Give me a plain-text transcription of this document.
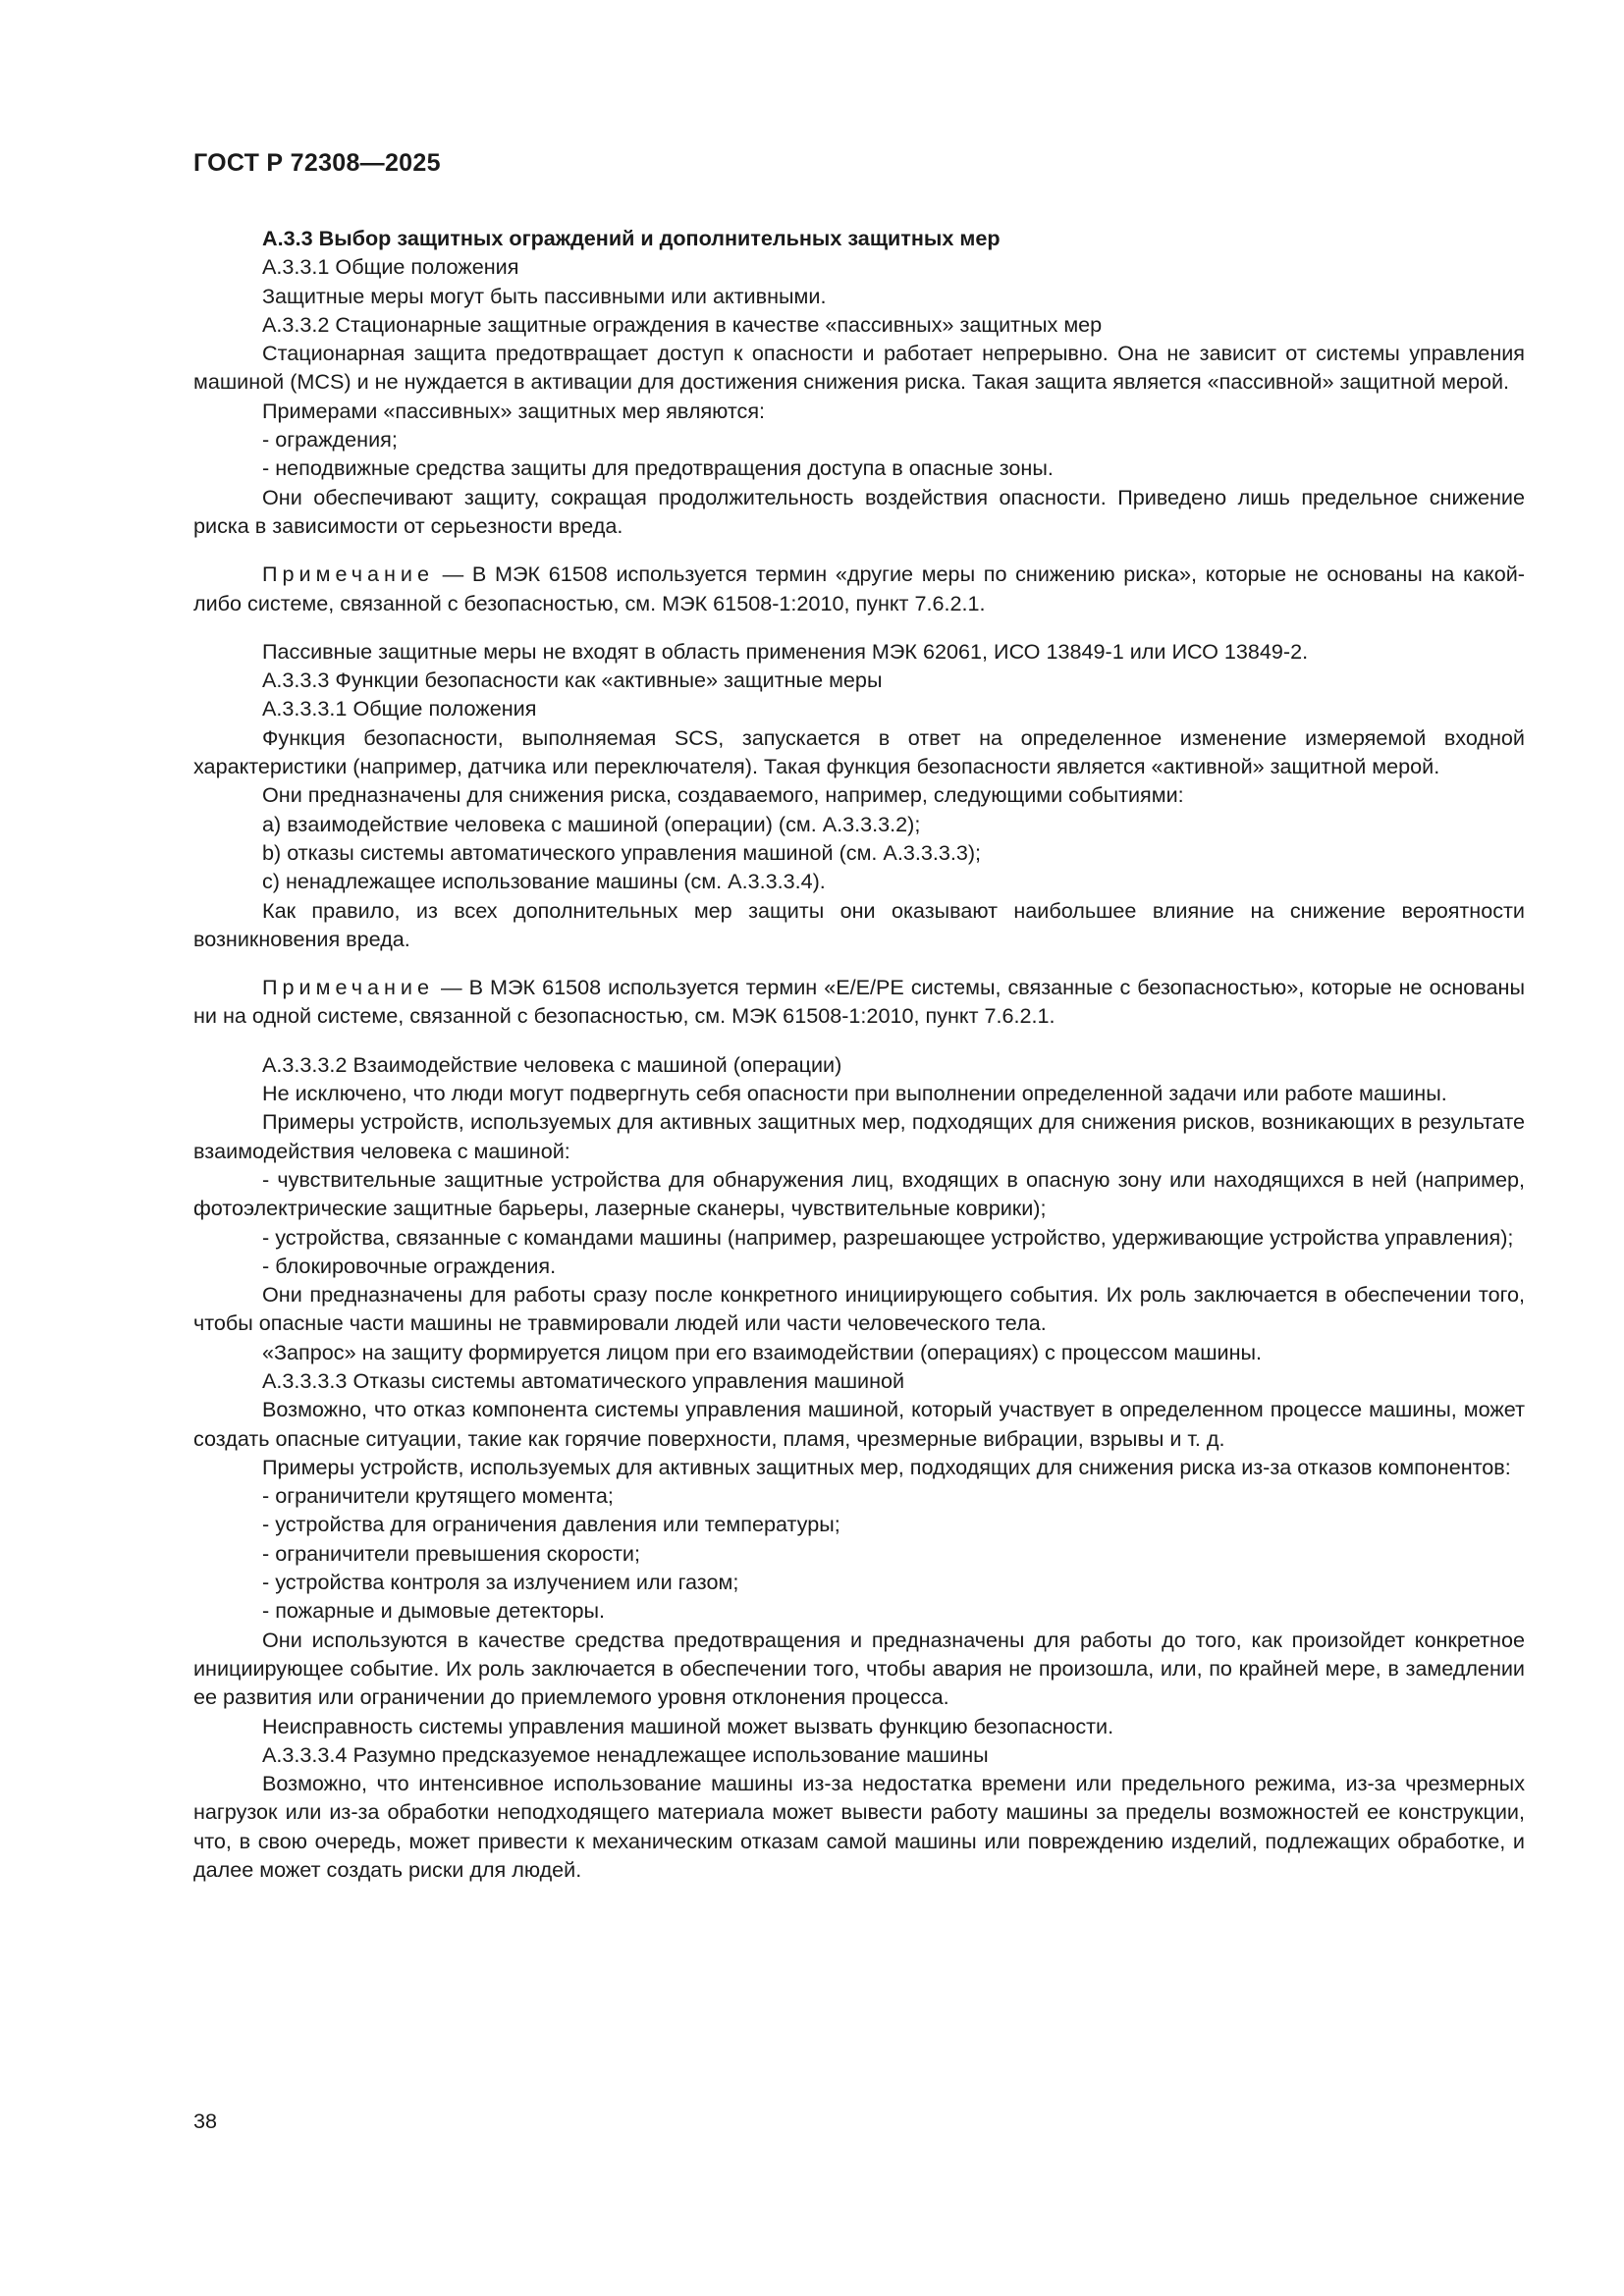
ГОСТ Р 72308—2025

А.3.3 Выбор защитных ограждений и дополнительных защитных мер

А.3.3.1 Общие положения

Защитные меры могут быть пассивными или активными.

А.3.3.2 Стационарные защитные ограждения в качестве «пассивных» защитных мер

Стационарная защита предотвращает доступ к опасности и работает непрерывно. Она не зависит от системы управления машиной (MCS) и не нуждается в активации для достижения снижения риска. Такая защита является «пассивной» защитной мерой.

Примерами «пассивных» защитных мер являются:

- ограждения;

- неподвижные средства защиты для предотвращения доступа в опасные зоны.

Они обеспечивают защиту, сокращая продолжительность воздействия опасности. Приведено лишь предельное снижение риска в зависимости от серьезности вреда.

Примечание — В МЭК 61508 используется термин «другие меры по снижению риска», которые не основаны на какой-либо системе, связанной с безопасностью, см. МЭК 61508-1:2010, пункт 7.6.2.1.

Пассивные защитные меры не входят в область применения МЭК 62061, ИСО 13849-1 или ИСО 13849-2.

А.3.3.3 Функции безопасности как «активные» защитные меры

А.3.3.3.1 Общие положения

Функция безопасности, выполняемая SCS, запускается в ответ на определенное изменение измеряемой входной характеристики (например, датчика или переключателя). Такая функция безопасности является «активной» защитной мерой.

Они предназначены для снижения риска, создаваемого, например, следующими событиями:

a) взаимодействие человека с машиной (операции) (см. А.3.3.3.2);

b) отказы системы автоматического управления машиной (см. А.3.3.3.3);

c) ненадлежащее использование машины (см. А.3.3.3.4).

Как правило, из всех дополнительных мер защиты они оказывают наибольшее влияние на снижение вероятности возникновения вреда.

Примечание — В МЭК 61508 используется термин «E/E/PE системы, связанные с безопасностью», которые не основаны ни на одной системе, связанной с безопасностью, см. МЭК 61508-1:2010, пункт 7.6.2.1.

А.3.3.3.2 Взаимодействие человека с машиной (операции)

Не исключено, что люди могут подвергнуть себя опасности при выполнении определенной задачи или работе машины.

Примеры устройств, используемых для активных защитных мер, подходящих для снижения рисков, возникающих в результате взаимодействия человека с машиной:

- чувствительные защитные устройства для обнаружения лиц, входящих в опасную зону или находящихся в ней (например, фотоэлектрические защитные барьеры, лазерные сканеры, чувствительные коврики);

- устройства, связанные с командами машины (например, разрешающее устройство, удерживающие устройства управления);

- блокировочные ограждения.

Они предназначены для работы сразу после конкретного инициирующего события. Их роль заключается в обеспечении того, чтобы опасные части машины не травмировали людей или части человеческого тела.

«Запрос» на защиту формируется лицом при его взаимодействии (операциях) с процессом машины.

А.3.3.3.3 Отказы системы автоматического управления машиной

Возможно, что отказ компонента системы управления машиной, который участвует в определенном процессе машины, может создать опасные ситуации, такие как горячие поверхности, пламя, чрезмерные вибрации, взрывы и т. д.

Примеры устройств, используемых для активных защитных мер, подходящих для снижения риска из-за отказов компонентов:

- ограничители крутящего момента;

- устройства для ограничения давления или температуры;

- ограничители превышения скорости;

- устройства контроля за излучением или газом;

- пожарные и дымовые детекторы.

Они используются в качестве средства предотвращения и предназначены для работы до того, как произойдет конкретное инициирующее событие. Их роль заключается в обеспечении того, чтобы авария не произошла, или, по крайней мере, в замедлении ее развития или ограничении до приемлемого уровня отклонения процесса.

Неисправность системы управления машиной может вызвать функцию безопасности.

А.3.3.3.4 Разумно предсказуемое ненадлежащее использование машины

Возможно, что интенсивное использование машины из-за недостатка времени или предельного режима, из-за чрезмерных нагрузок или из-за обработки неподходящего материала может вывести работу машины за пределы возможностей ее конструкции, что, в свою очередь, может привести к механическим отказам самой машины или повреждению изделий, подлежащих обработке, и далее может создать риски для людей.

38
